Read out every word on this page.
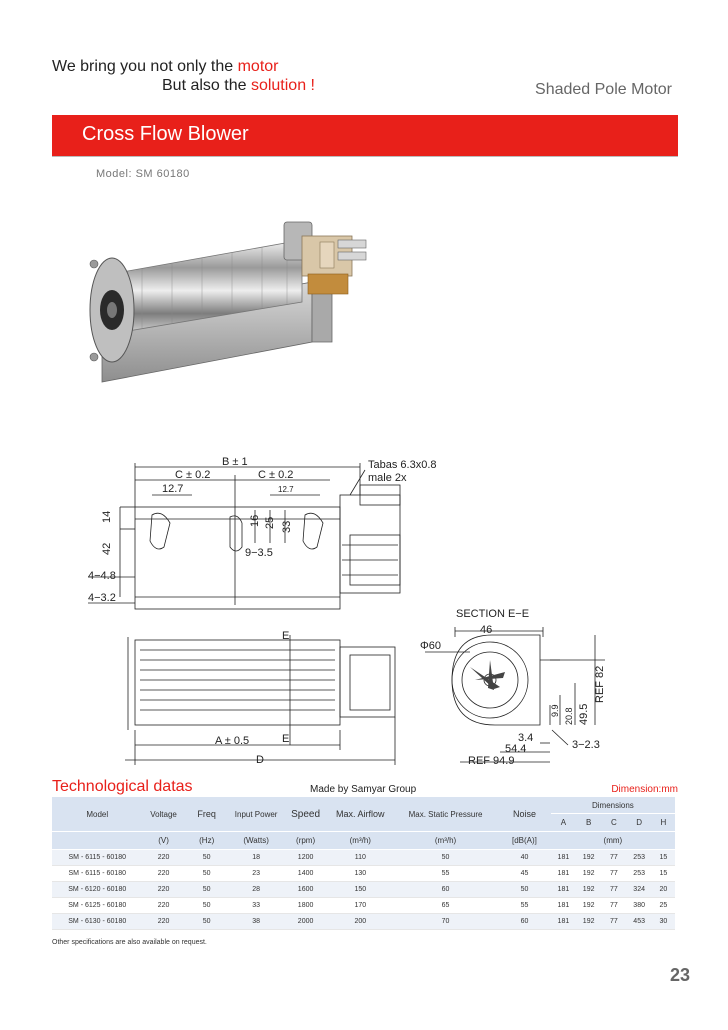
We bring you not only the motor
But also the solution !	Shaded Pole Motor
Cross Flow Blower
Model: SM 60180
B ± 1
C ± 0.2	C ± 0.2
12.7	12.7
Tabas 6.3x0.8
male 2x
14
42
16 25 33
9−3.5
4−4.8
4−3.2
SECTION E−E
46
Φ60
E
E
A ± 0.5
D
9.9 20.8 49.5
REF 82
3.4
54.4	3−2.3
REF 94.9
Technological datas	Made by Samyar Group	Dimension:mm
Model	Voltage	Freq	Input Power	Speed	Max. Airflow	Max. Static Pressure	Noise	Dimensions				
								A	B	C	D	H
	(V)	(Hz)	(Watts)	(rpm)	(m³/h)	(m³/h)	[dB(A)]	(mm)				
SM - 6115 - 60180	220	50	18	1200	110	50	40	181	192	77	253	15
SM - 6115 - 60180	220	50	23	1400	130	55	45	181	192	77	253	15
SM - 6120 - 60180	220	50	28	1600	150	60	50	181	192	77	324	20
SM - 6125 - 60180	220	50	33	1800	170	65	55	181	192	77	380	25
SM - 6130 - 60180	220	50	38	2000	200	70	60	181	192	77	453	30
Other specifications are also available on request.
23
